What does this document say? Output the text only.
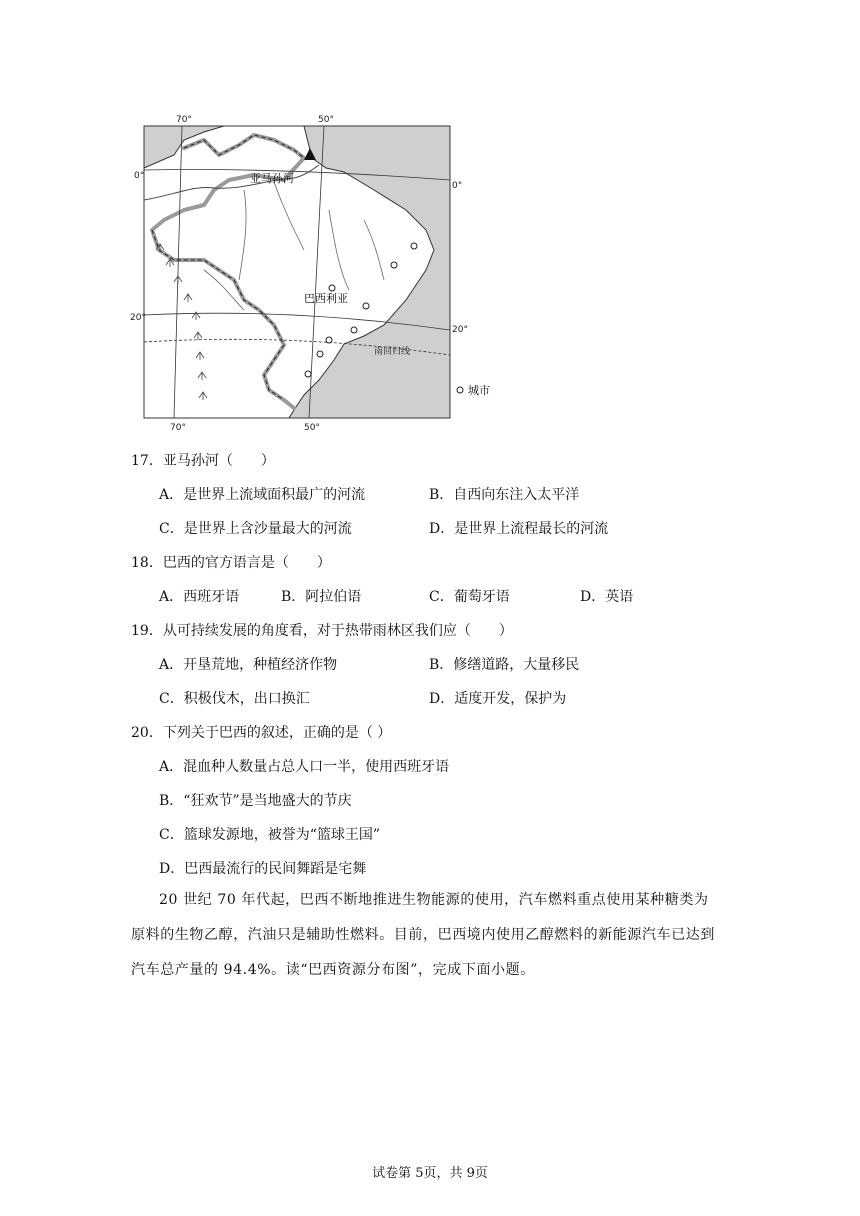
70°	50°
70°	50°
0°
20°
0°
20°
亚马孙河
巴西利亚
南回归线
城市
17．亚马孙河（　　）
A．是世界上流域面积最广的河流	B．自西向东注入太平洋
C．是世界上含沙量最大的河流	D．是世界上流程最长的河流
18．巴西的官方语言是（　　）
A．西班牙语	B．阿拉伯语	C．葡萄牙语	D．英语
19．从可持续发展的角度看，对于热带雨林区我们应（　　）
A．开垦荒地，种植经济作物	B．修缮道路，大量移民
C．积极伐木，出口换汇	D．适度开发，保护为
20．下列关于巴西的叙述，正确的是（ ）
A．混血种人数量占总人口一半，使用西班牙语
B．“狂欢节”是当地盛大的节庆
C．篮球发源地，被誉为“篮球王国”
D．巴西最流行的民间舞蹈是宅舞
20 世纪 70 年代起，巴西不断地推进生物能源的使用，汽车燃料重点使用某种糖类为
原料的生物乙醇，汽油只是辅助性燃料。目前，巴西境内使用乙醇燃料的新能源汽车已达到
汽车总产量的 94.4%。读“巴西资源分布图”，完成下面小题。
试卷第 5页，共 9页
